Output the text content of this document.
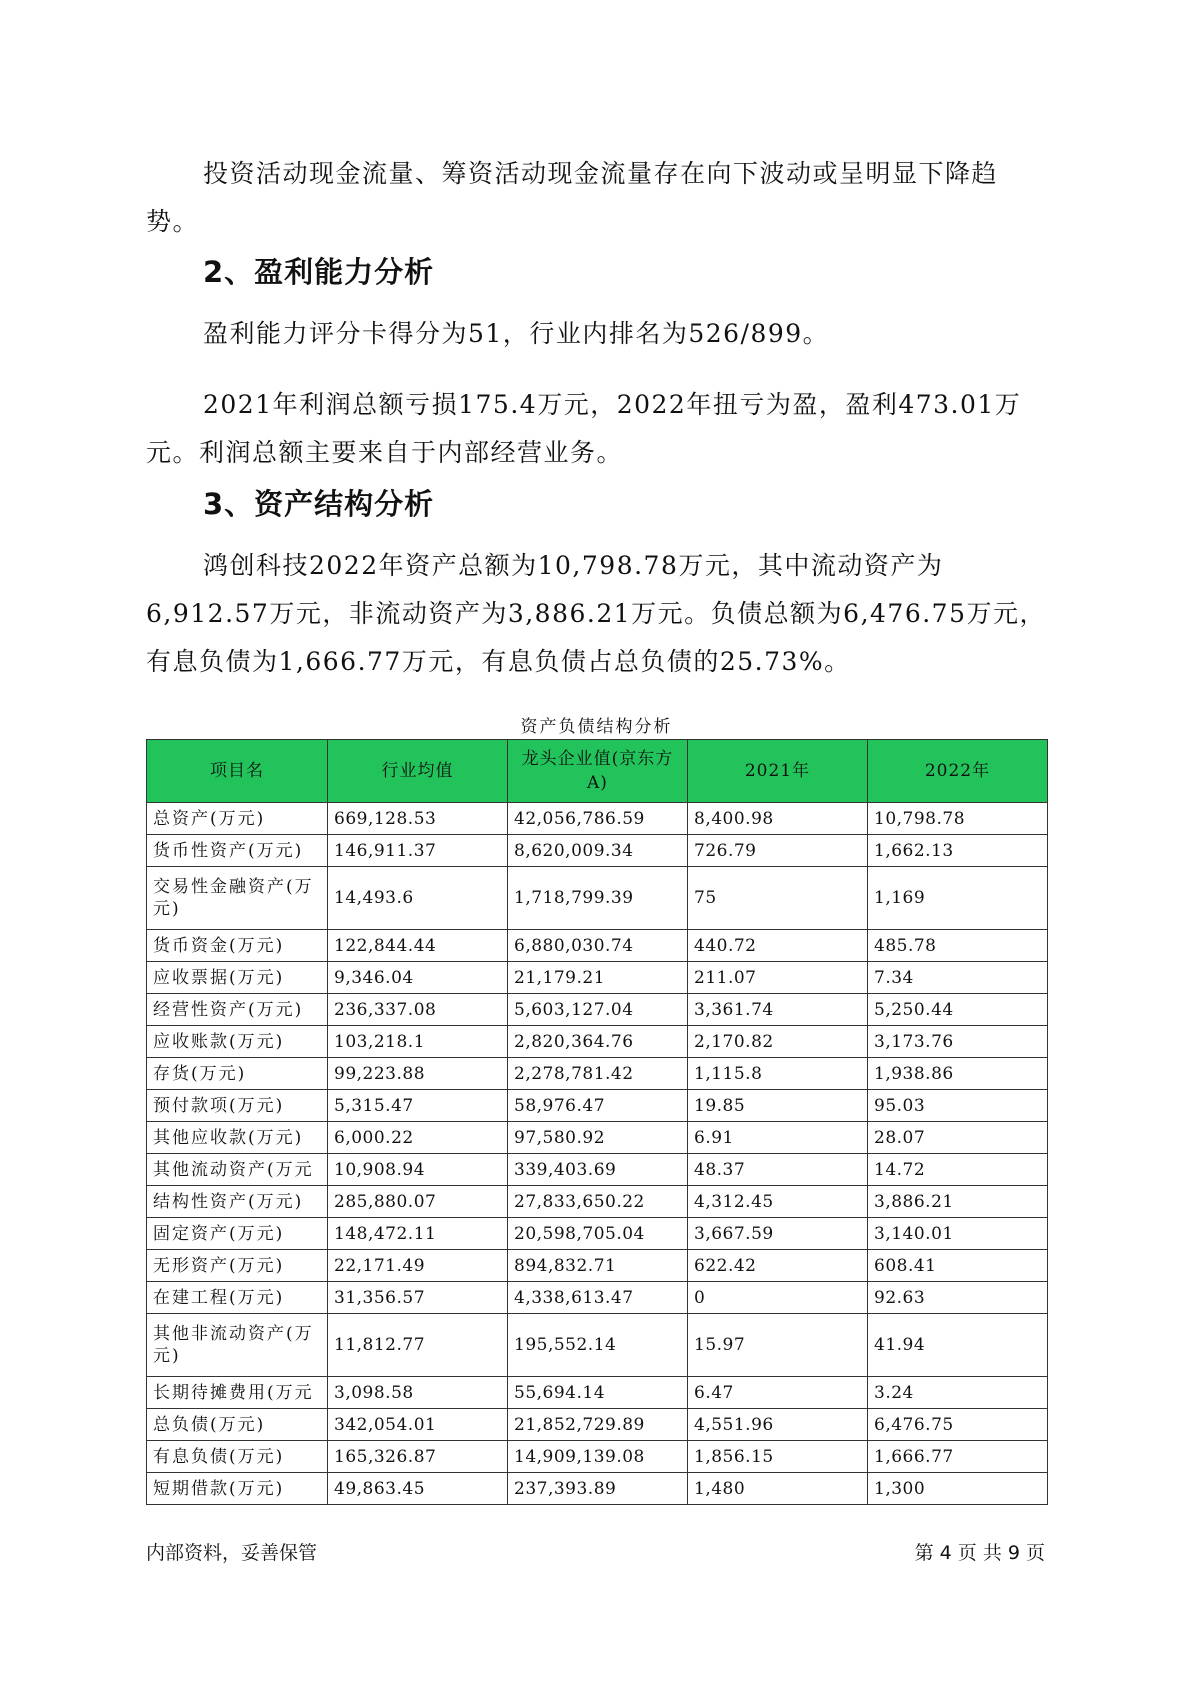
投资活动现金流量、筹资活动现金流量存在向下波动或呈明显下降趋势。

2、盈利能力分析

盈利能力评分卡得分为51，行业内排名为526/899。

2021年利润总额亏损175.4万元，2022年扭亏为盈，盈利473.01万元。利润总额主要来自于内部经营业务。

3、资产结构分析

鸿创科技2022年资产总额为10,798.78万元，其中流动资产为6,912.57万元，非流动资产为3,886.21万元。负债总额为6,476.75万元，有息负债为1,666.77万元，有息负债占总负债的25.73%。

资产负债结构分析
项目名	行业均值	龙头企业值(京东方A)	2021年	2022年
总资产(万元)	669,128.53	42,056,786.59	8,400.98	10,798.78
货币性资产(万元)	146,911.37	8,620,009.34	726.79	1,662.13
交易性金融资产(万元)	14,493.6	1,718,799.39	75	1,169
货币资金(万元)	122,844.44	6,880,030.74	440.72	485.78
应收票据(万元)	9,346.04	21,179.21	211.07	7.34
经营性资产(万元)	236,337.08	5,603,127.04	3,361.74	5,250.44
应收账款(万元)	103,218.1	2,820,364.76	2,170.82	3,173.76
存货(万元)	99,223.88	2,278,781.42	1,115.8	1,938.86
预付款项(万元)	5,315.47	58,976.47	19.85	95.03
其他应收款(万元)	6,000.22	97,580.92	6.91	28.07
其他流动资产(万元	10,908.94	339,403.69	48.37	14.72
结构性资产(万元)	285,880.07	27,833,650.22	4,312.45	3,886.21
固定资产(万元)	148,472.11	20,598,705.04	3,667.59	3,140.01
无形资产(万元)	22,171.49	894,832.71	622.42	608.41
在建工程(万元)	31,356.57	4,338,613.47	0	92.63
其他非流动资产(万元)	11,812.77	195,552.14	15.97	41.94
长期待摊费用(万元	3,098.58	55,694.14	6.47	3.24
总负债(万元)	342,054.01	21,852,729.89	4,551.96	6,476.75
有息负债(万元)	165,326.87	14,909,139.08	1,856.15	1,666.77
短期借款(万元)	49,863.45	237,393.89	1,480	1,300
内部资料，妥善保管	第 4 页 共 9 页
